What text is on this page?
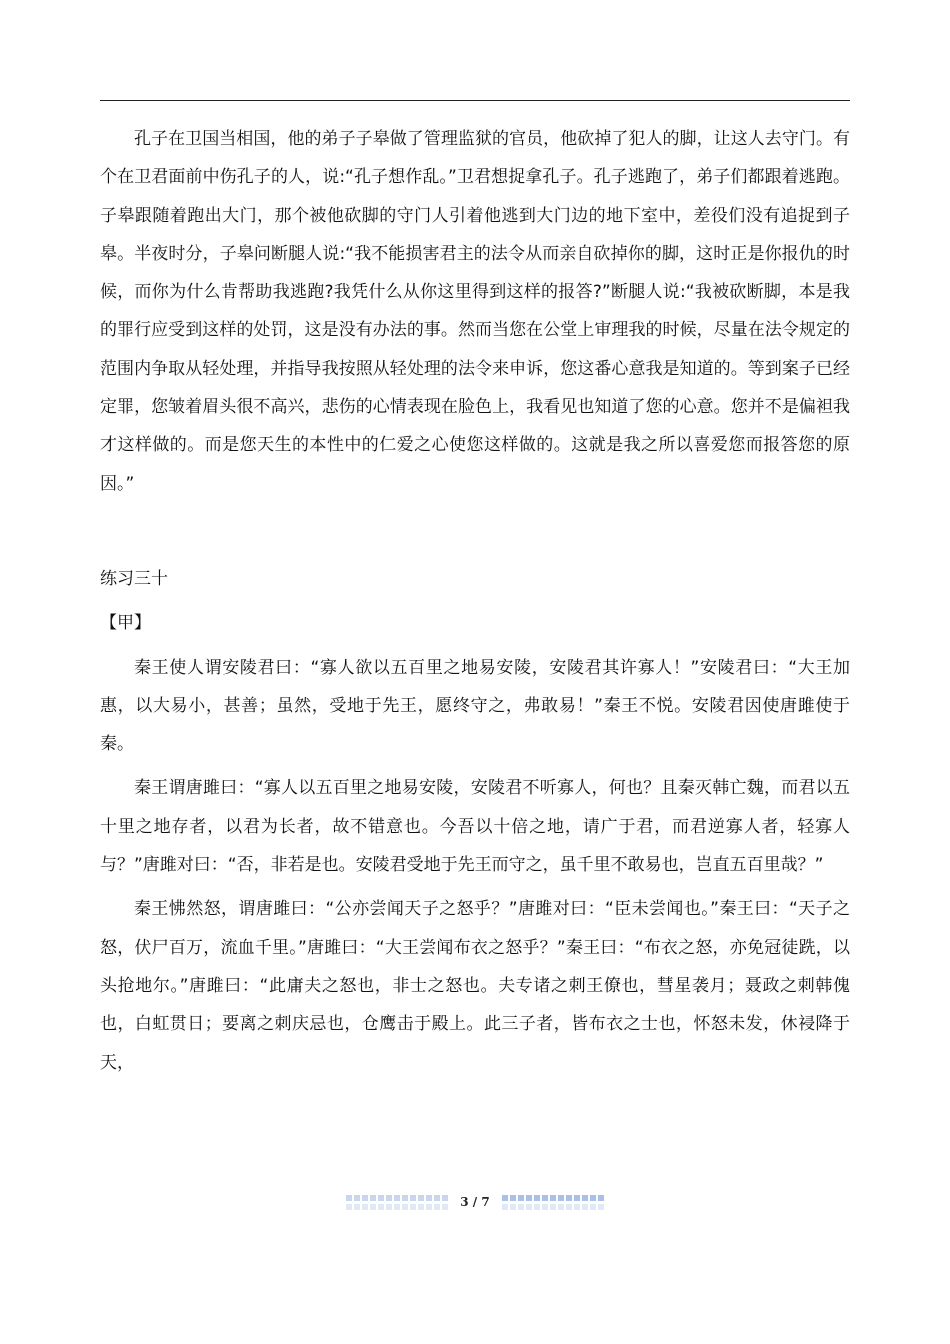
孔子在卫国当相国，他的弟子子皋做了管理监狱的官员，他砍掉了犯人的脚，让这人去守门。有个在卫君面前中伤孔子的人，说:“孔子想作乱。”卫君想捉拿孔子。孔子逃跑了，弟子们都跟着逃跑。子皋跟随着跑出大门，那个被他砍脚的守门人引着他逃到大门边的地下室中，差役们没有追捉到子皋。半夜时分，子皋问断腿人说:“我不能损害君主的法令从而亲自砍掉你的脚，这时正是你报仇的时候，而你为什么肯帮助我逃跑?我凭什么从你这里得到这样的报答?”断腿人说:“我被砍断脚，本是我的罪行应受到这样的处罚，这是没有办法的事。然而当您在公堂上审理我的时候，尽量在法令规定的范围内争取从轻处理，并指导我按照从轻处理的法令来申诉，您这番心意我是知道的。等到案子已经定罪，您皱着眉头很不高兴，悲伤的心情表现在脸色上，我看见也知道了您的心意。您并不是偏袒我才这样做的。而是您天生的本性中的仁爱之心使您这样做的。这就是我之所以喜爱您而报答您的原因。”

练习三十

【甲】

秦王使人谓安陵君曰：“寡人欲以五百里之地易安陵，安陵君其许寡人！”安陵君曰：“大王加惠，以大易小，甚善；虽然，受地于先王，愿终守之，弗敢易！”秦王不悦。安陵君因使唐雎使于秦。

秦王谓唐雎曰：“寡人以五百里之地易安陵，安陵君不听寡人，何也？且秦灭韩亡魏，而君以五十里之地存者，以君为长者，故不错意也。今吾以十倍之地，请广于君，而君逆寡人者，轻寡人与？”唐雎对曰：“否，非若是也。安陵君受地于先王而守之，虽千里不敢易也，岂直五百里哉？”

秦王怫然怒，谓唐雎曰：“公亦尝闻天子之怒乎？”唐雎对曰：“臣未尝闻也。”秦王曰：“天子之怒，伏尸百万，流血千里。”唐雎曰：“大王尝闻布衣之怒乎？”秦王曰：“布衣之怒，亦免冠徒跣，以头抢地尔。”唐雎曰：“此庸夫之怒也，非士之怒也。夫专诸之刺王僚也，彗星袭月；聂政之刺韩傀也，白虹贯日；要离之刺庆忌也，仓鹰击于殿上。此三子者，皆布衣之士也，怀怒未发，休祲降于天，

3 / 7
